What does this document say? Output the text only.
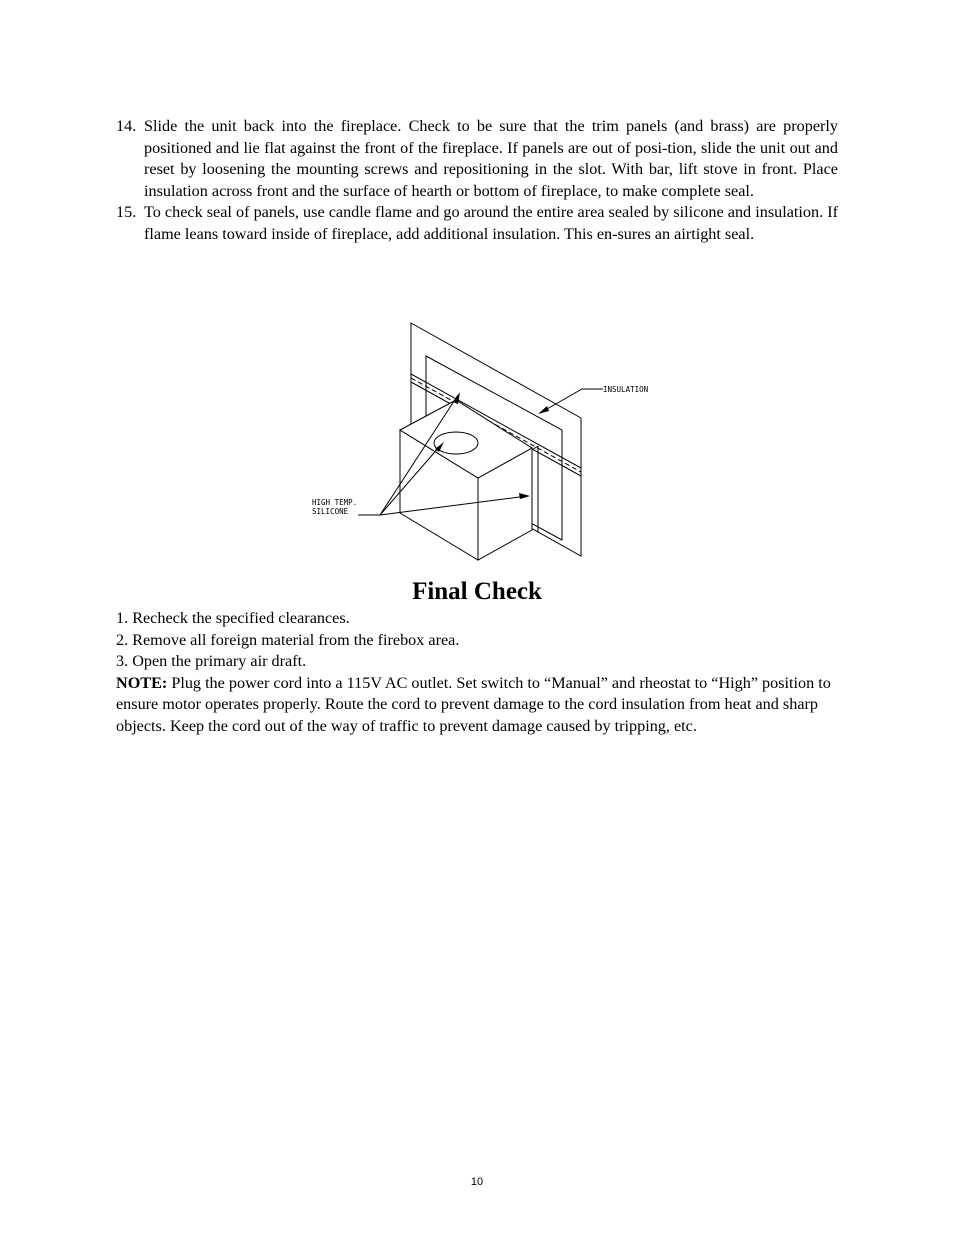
14. Slide the unit back into the fireplace. Check to be sure that the trim panels (and brass) are properly positioned and lie flat against the front of the fireplace. If panels are out of posi-tion, slide the unit out and reset by loosening the mounting screws and repositioning in the slot. With bar, lift stove in front. Place insulation across front and the surface of hearth or bottom of fireplace, to make complete seal.
15. To check seal of panels, use candle flame and go around the entire area sealed by silicone and insulation. If flame leans toward inside of fireplace, add additional insulation. This en-sures an airtight seal.
INSULATION
HIGH TEMP.
SILICONE
Final Check
1. Recheck the specified clearances.
2. Remove all foreign material from the firebox area.
3. Open the primary air draft.
NOTE: Plug the power cord into a 115V AC outlet. Set switch to “Manual” and rheostat to “High” position to ensure motor operates properly. Route the cord to prevent damage to the cord insulation from heat and sharp objects. Keep the cord out of the way of traffic to prevent damage caused by tripping, etc.
10
